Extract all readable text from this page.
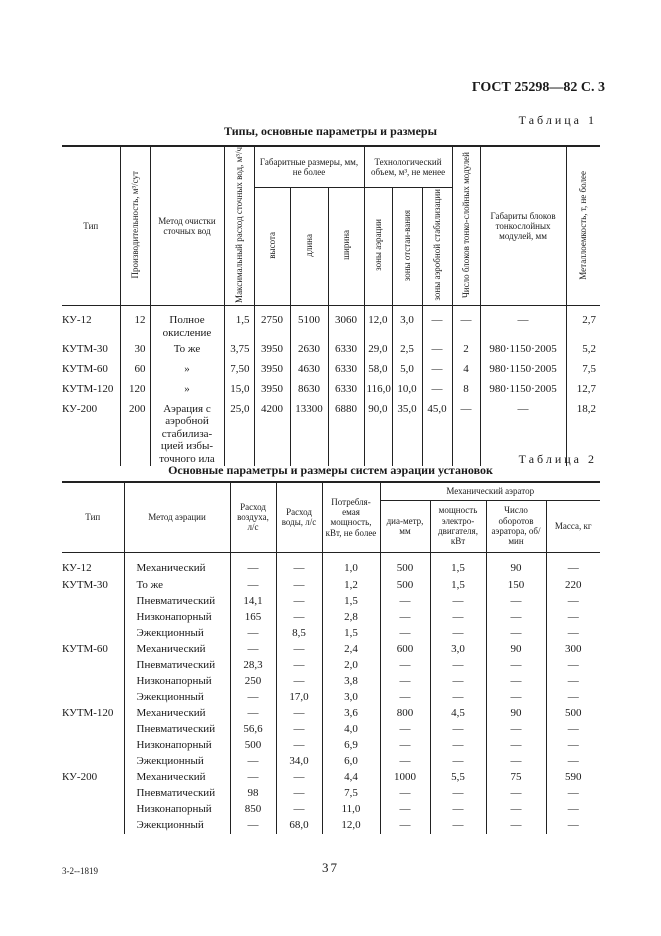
ГОСТ 25298—82 С. 3
Таблица 1
Типы, основные параметры и размеры
Тип	Производительность, м³/сут	Метод очистки сточных вод	Максимальный расход сточных вод, м³/ч	Габаритные размеры, мм, не более			Технологический объем, м³, не менее			Число блоков тонко-слойных модулей	Габариты блоков тонкослойных модулей, мм	Металлоемкость, т, не более
				высота	длина	ширина	зоны аэрации	зоны отстаи-вания	зоны аэробной стабилизации			
КУ-12	12	Полное окисление	1,5	2750	5100	3060	12,0	3,0	—	—	—	2,7
КУТМ-30	30	То же	3,75	3950	2630	6330	29,0	2,5	—	2	980·1150·2005	5,2
КУТМ-60	60	»	7,50	3950	4630	6330	58,0	5,0	—	4	980·1150·2005	7,5
КУТМ-120	120	»	15,0	3950	8630	6330	116,0	10,0	—	8	980·1150·2005	12,7
КУ-200	200	Аэрация с аэробной стабилиза-цией избы-точного ила	25,0	4200	13300	6880	90,0	35,0	45,0	—	—	18,2
Таблица 2
Основные параметры и размеры систем аэрации установок
Тип	Метод аэрации	Расход воздуха, л/с	Расход воды, л/с	Потребля-емая мощность, кВт, не более	Механический аэратор			
					диа-метр, мм	мощность электро-двигателя, кВт	Число оборотов аэратора, об/мин	Масса, кг
КУ-12	Механический	—	—	1,0	500	1,5	90	—
КУТМ-30	То же	—	—	1,2	500	1,5	150	220
	Пневматический	14,1	—	1,5	—	—	—	—
	Низконапорный	165	—	2,8	—	—	—	—
	Эжекционный	—	8,5	1,5	—	—	—	—
КУТМ-60	Механический	—	—	2,4	600	3,0	90	300
	Пневматический	28,3	—	2,0	—	—	—	—
	Низконапорный	250	—	3,8	—	—	—	—
	Эжекционный	—	17,0	3,0	—	—	—	—
КУТМ-120	Механический	—	—	3,6	800	4,5	90	500
	Пневматический	56,6	—	4,0	—	—	—	—
	Низконапорный	500	—	6,9	—	—	—	—
	Эжекционный	—	34,0	6,0	—	—	—	—
КУ-200	Механический	—	—	4,4	1000	5,5	75	590
	Пневматический	98	—	7,5	—	—	—	—
	Низконапорный	850	—	11,0	—	—	—	—
	Эжекционный	—	68,0	12,0	—	—	—	—
3-2--1819	37
